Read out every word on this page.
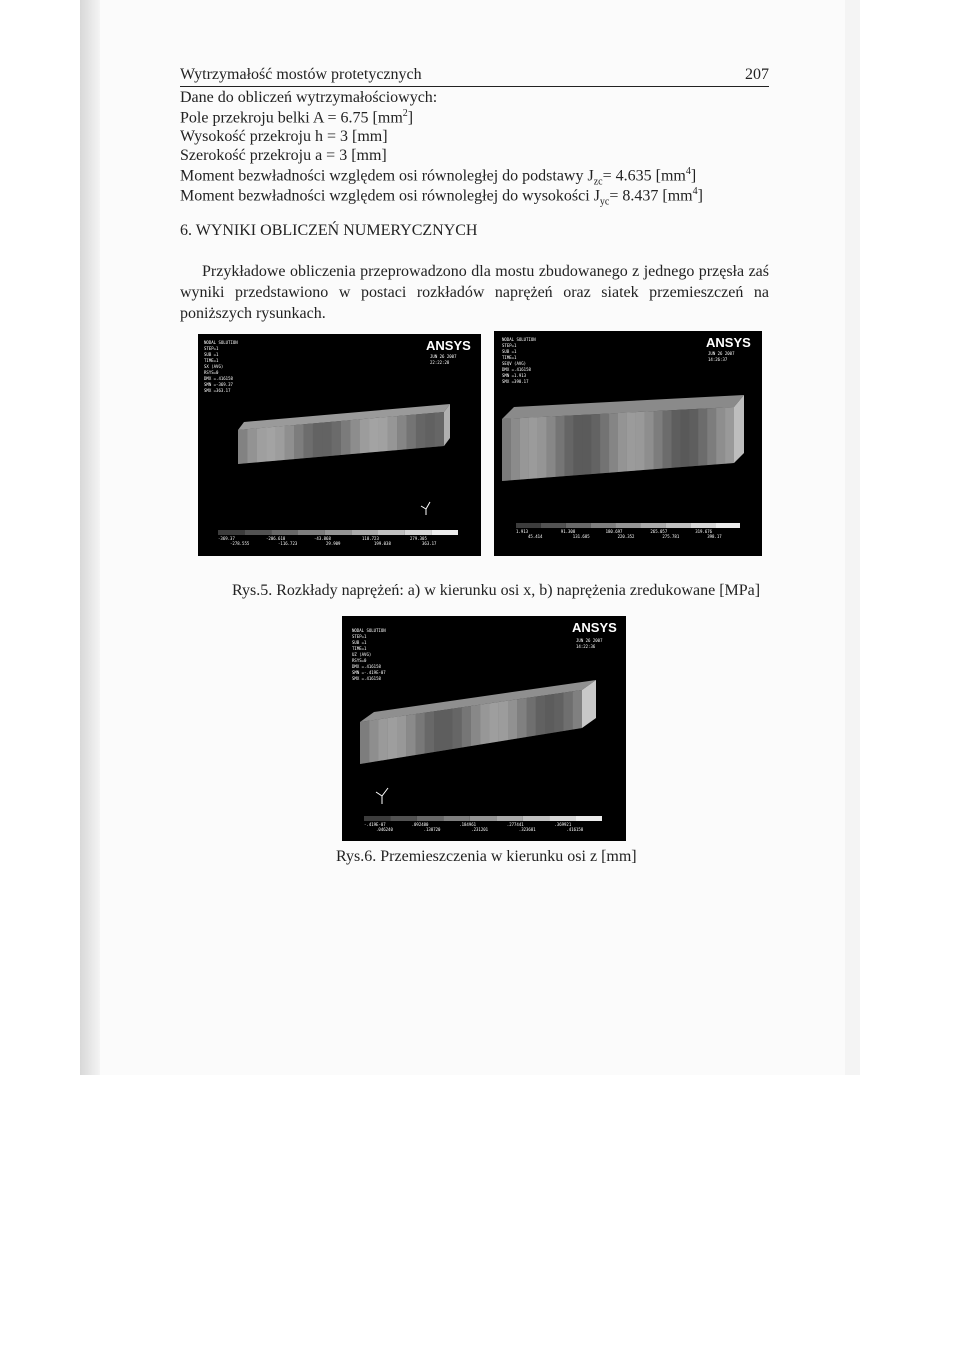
Wytrzymałość mostów protetycznych	207
Dane do obliczeń wytrzymałościowych:
Pole przekroju belki A = 6.75 $[mm^2]$
Wysokość przekroju h = 3 [mm]
Szerokość przekroju a = 3 [mm]
Moment bezwładności względem osi równoległej do podstawy $J_{zc}= 4.635$ $[mm^4]$
Moment bezwładności względem osi równoległej do wysokości $J_{yc}= 8.437$ $[mm^4]$
6. WYNIKI OBLICZEŃ NUMERYCZNYCH
Przykładowe obliczenia przeprowadzono dla mostu zbudowanego z jednego przęsła zaś wyniki przedstawiono w postaci rozkładów naprężeń oraz siatek przemieszczeń na poniższych rysunkach.
NODAL SOLUTION
STEP=1
SUB =1
TIME=1
SX (AVG)
RSYS=0
DMX =.416158
SMN =-369.37
SMX =363.17
ANSYS
JUN 26 2007
22:22:28
-369.37	-206.618	-43.868	118.723	279.305
-278.555	-116.723	29.909	199.038	363.17
NODAL SOLUTION
STEP=1
SUB =1
TIME=1
SEQV (AVG)
DMX =.416158
SMN =1.913
SMX =398.17
ANSYS
JUN 26 2007
14:26:37
1.913	91.308	180.697	265.057	319.676
45.414	131.685	220.352	275.781	398.17
Rys.5. Rozkłady naprężeń: a) w kierunku osi x, b) naprężenia zredukowane [MPa]
NODAL SOLUTION
STEP=1
SUB =1
TIME=1
UZ (AVG)
RSYS=0
DMX =.416158
SMN =-.419E-07
SMX =.416158
ANSYS
JUN 26 2007
14:22:36
-.419E-07	.092480	.184961	.277441	.369921
.046240	.138720	.231201	.323681	.416158
Rys.6. Przemieszczenia w kierunku osi z [mm]
